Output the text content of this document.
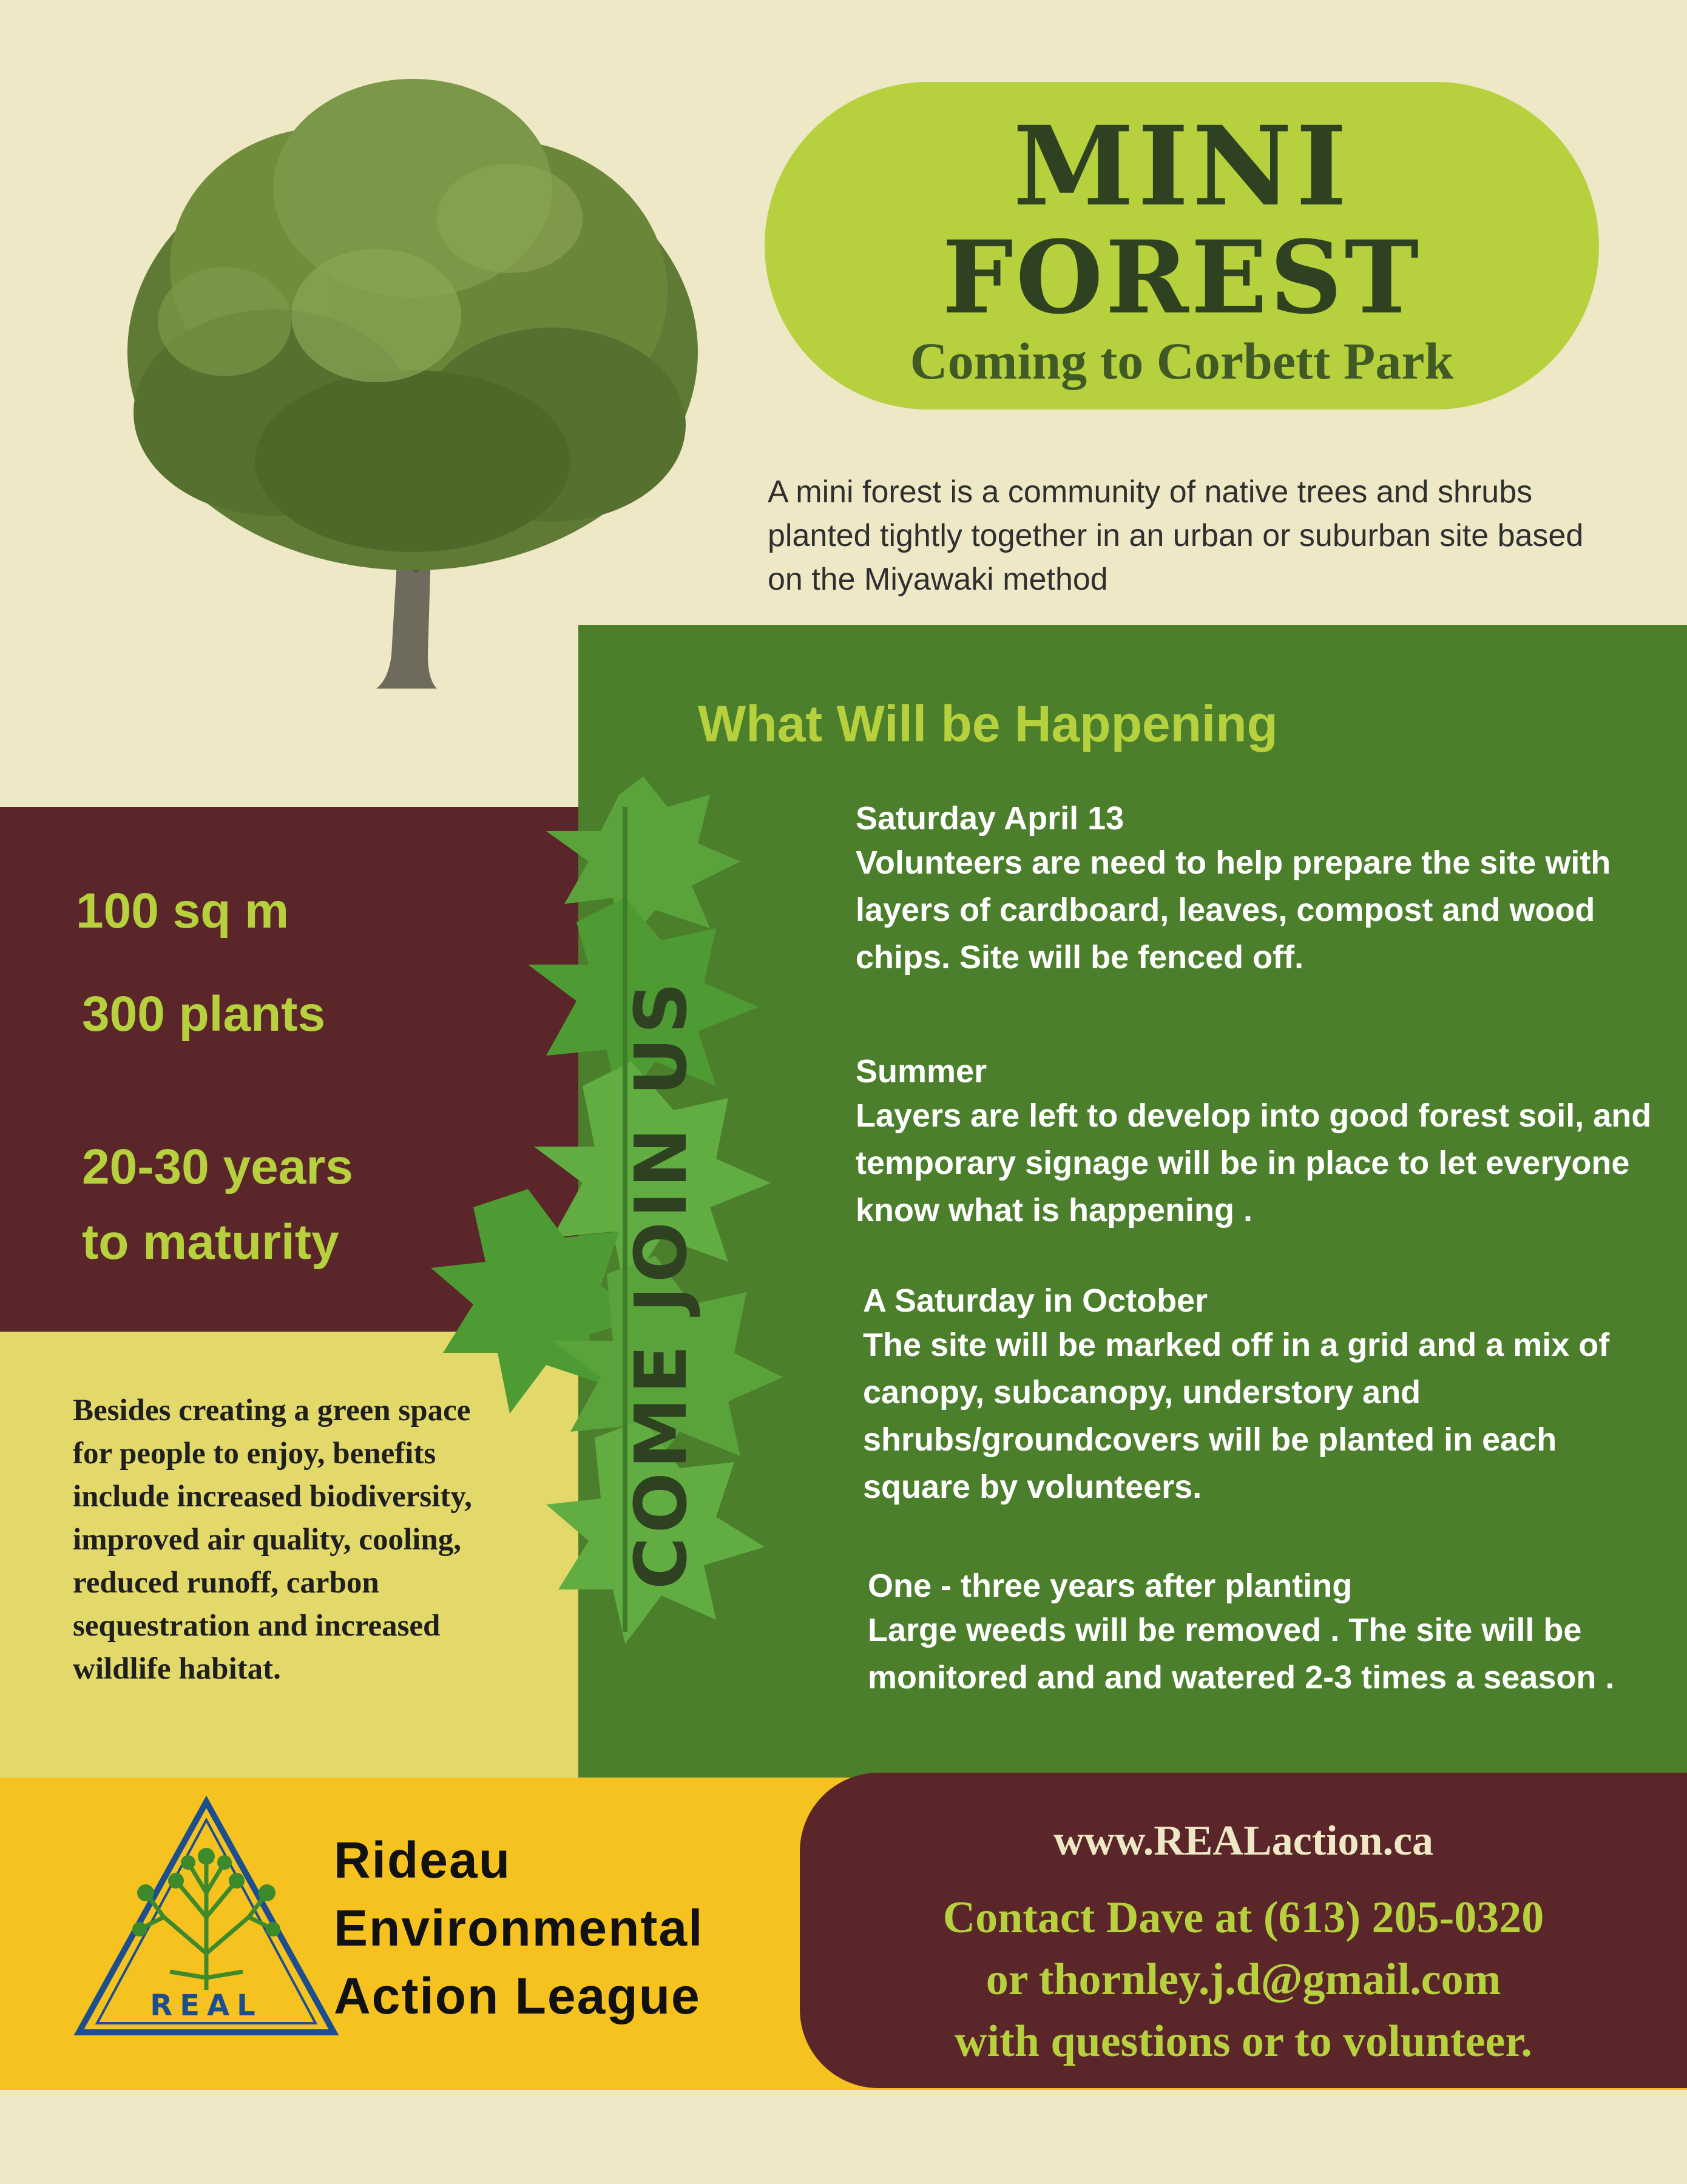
MINI
FOREST
Coming to Corbett Park
A mini forest is a community of native trees and shrubs planted tightly together in an urban or suburban site based on the Miyawaki method
100 sq m
300 plants
20-30 years
to maturity
Besides creating a green space for people to enjoy, benefits include increased biodiversity, improved air quality, cooling, reduced runoff, carbon sequestration and increased wildlife habitat.
What Will be Happening
Saturday April 13
Volunteers are need to help prepare the site with layers of cardboard, leaves, compost and wood chips. Site will be fenced off.
Summer
Layers are left to develop into good forest soil, and temporary signage will be in place to let everyone know what is happening .
A Saturday in October
The site will be marked off in a grid and a mix of canopy, subcanopy, understory and shrubs/groundcovers will be planted in each square by volunteers.
One - three years after planting
Large weeds will be removed . The site will be monitored and and watered 2-3 times a season .
COME JOIN US
REAL
Rideau
Environmental
Action League
www.REALaction.ca
Contact Dave at (613) 205-0320
or thornley.j.d@gmail.com
with questions or to volunteer.
